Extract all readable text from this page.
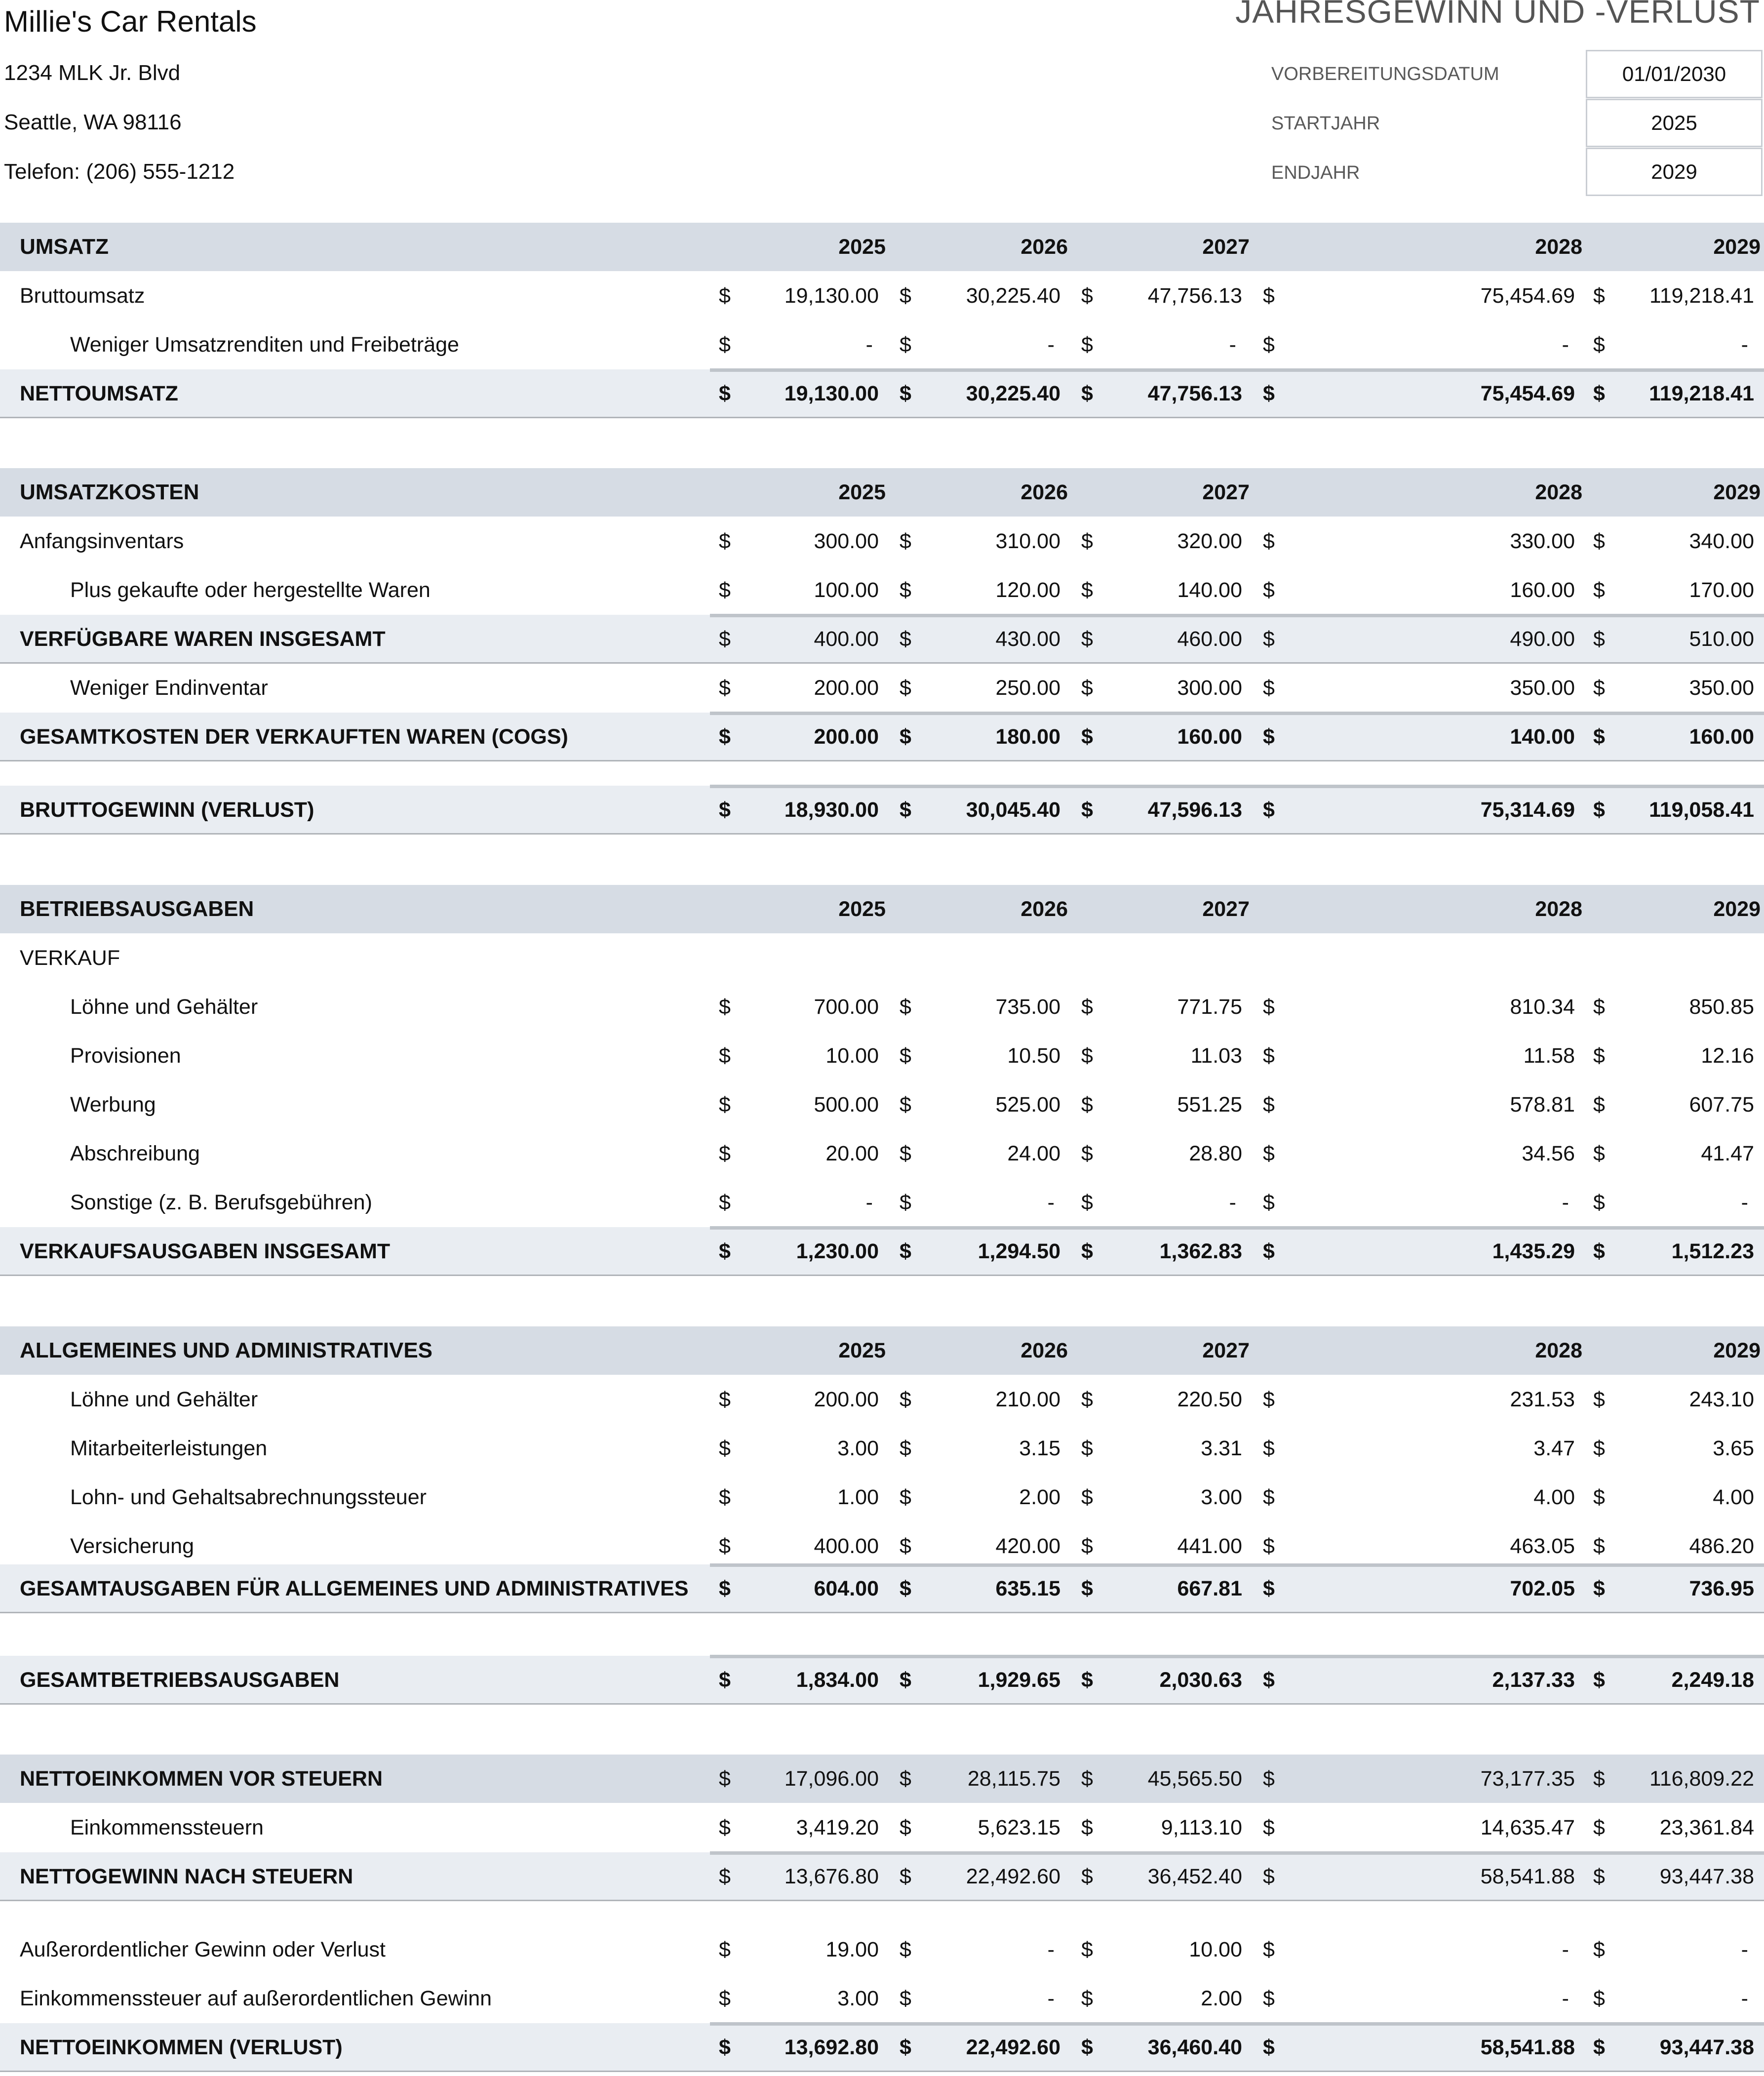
Millie's Car Rentals
1234 MLK Jr. Blvd
Seattle, WA 98116
Telefon: (206) 555-1212
JAHRESGEWINN UND -VERLUST
VORBEREITUNGSDATUM	01/01/2030
STARTJAHR	2025
ENDJAHR	2029
UMSATZ	2025	2026	2027	2028	2029
Bruttoumsatz	$	19,130.00 $	30,225.40 $	47,756.13 $	75,454.69 $ 119,218.41
Weniger Umsatzrenditen und Freibeträge	$	- $	- $	- $	- $	-
NETTOUMSATZ	$	19,130.00 $	30,225.40 $	47,756.13 $	75,454.69 $ 119,218.41
UMSATZKOSTEN	2025	2026	2027	2028	2029
Anfangsinventars	$	300.00 $	310.00 $	320.00 $	330.00 $	340.00
Plus gekaufte oder hergestellte Waren	$	100.00 $	120.00 $	140.00 $	160.00 $	170.00
VERFÜGBARE WAREN INSGESAMT	$	400.00 $	430.00 $	460.00 $	490.00 $	510.00
Weniger Endinventar	$	200.00 $	250.00 $	300.00 $	350.00 $	350.00
GESAMTKOSTEN DER VERKAUFTEN WAREN (COGS)	$	200.00 $	180.00 $	160.00 $	140.00 $	160.00
BRUTTOGEWINN (VERLUST)	$	18,930.00 $	30,045.40 $	47,596.13 $	75,314.69 $ 119,058.41
BETRIEBSAUSGABEN	2025	2026	2027	2028	2029
VERKAUF
Löhne und Gehälter	$	700.00 $	735.00 $	771.75 $	810.34 $	850.85
Provisionen	$	10.00 $	10.50 $	11.03 $	11.58 $	12.16
Werbung	$	500.00 $	525.00 $	551.25 $	578.81 $	607.75
Abschreibung	$	20.00 $	24.00 $	28.80 $	34.56 $	41.47
Sonstige (z. B. Berufsgebühren)	$	- $	- $	- $	- $	-
VERKAUFSAUSGABEN INSGESAMT	$	1,230.00 $	1,294.50 $	1,362.83 $	1,435.29 $	1,512.23
ALLGEMEINES UND ADMINISTRATIVES	2025	2026	2027	2028	2029
Löhne und Gehälter	$	200.00 $	210.00 $	220.50 $	231.53 $	243.10
Mitarbeiterleistungen	$	3.00 $	3.15 $	3.31 $	3.47 $	3.65
Lohn- und Gehaltsabrechnungssteuer	$	1.00 $	2.00 $	3.00 $	4.00 $	4.00
Versicherung	$	400.00 $	420.00 $	441.00 $	463.05 $	486.20
GESAMTAUSGABEN FÜR ALLGEMEINES UND ADMINISTRATIVES $	604.00 $	635.15 $	667.81 $	702.05 $	736.95
GESAMTBETRIEBSAUSGABEN	$	1,834.00 $	1,929.65 $	2,030.63 $	2,137.33 $	2,249.18
NETTOEINKOMMEN VOR STEUERN	$	17,096.00 $	28,115.75 $	45,565.50 $	73,177.35 $ 116,809.22
Einkommenssteuern	$	3,419.20 $	5,623.15 $	9,113.10 $	14,635.47 $	23,361.84
NETTOGEWINN NACH STEUERN	$	13,676.80 $	22,492.60 $	36,452.40 $	58,541.88 $	93,447.38
Außerordentlicher Gewinn oder Verlust	$	19.00 $	- $	10.00 $	- $	-
Einkommenssteuer auf außerordentlichen Gewinn	$	3.00 $	- $	2.00 $	- $	-
NETTOEINKOMMEN (VERLUST)	$	13,692.80 $	22,492.60 $	36,460.40 $	58,541.88 $	93,447.38
